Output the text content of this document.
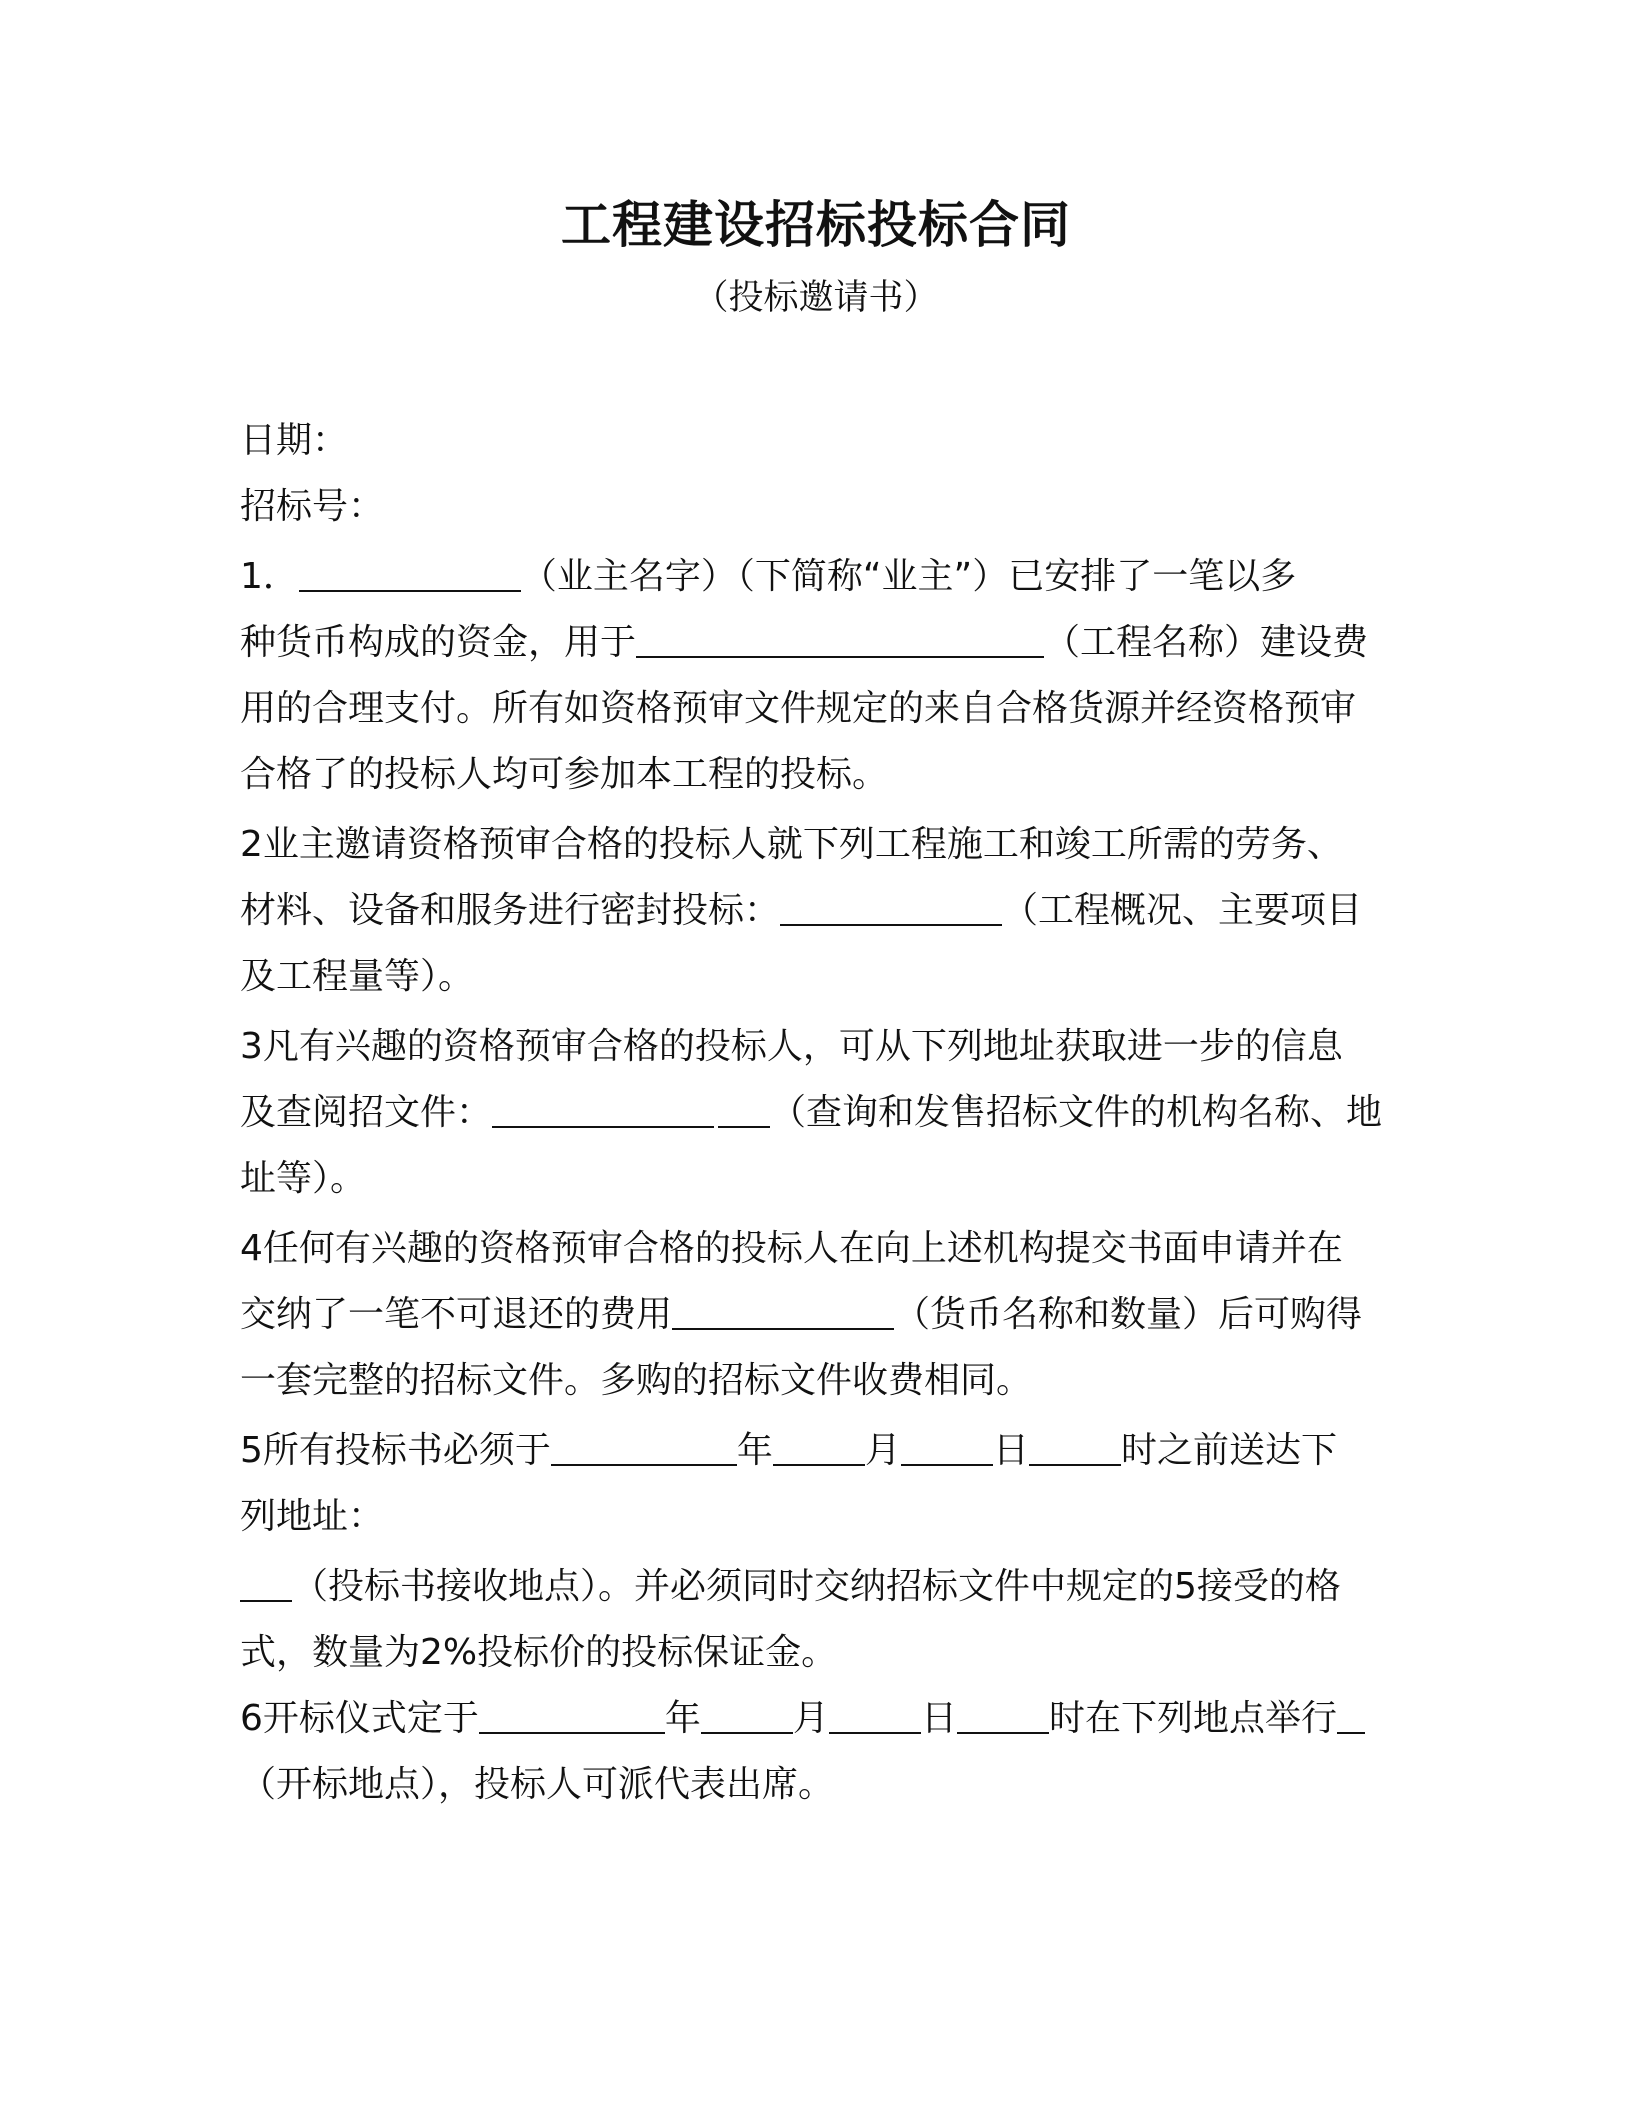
工程建设招标投标合同
（投标邀请书）
日期：
招标号：
1．	（业主名字）（下简称“业主”）已安排了一笔以多
种货币构成的资金，用于	（工程名称）建设费
用的合理支付。所有如资格预审文件规定的来自合格货源并经资格预审
合格了的投标人均可参加本工程的投标。
2业主邀请资格预审合格的投标人就下列工程施工和竣工所需的劳务、
材料、设备和服务进行密封投标：	（工程概况、主要项目
及工程量等）。
3凡有兴趣的资格预审合格的投标人，可从下列地址获取进一步的信息
及查阅招文件：	（查询和发售招标文件的机构名称、地
址等）。
4任何有兴趣的资格预审合格的投标人在向上述机构提交书面申请并在
交纳了一笔不可退还的费用	（货币名称和数量）后可购得
一套完整的招标文件。多购的招标文件收费相同。
5所有投标书必须于	年	月	日	时之前送达下
列地址：
（投标书接收地点）。并必须同时交纳招标文件中规定的5接受的格
式，数量为2%投标价的投标保证金。
6开标仪式定于	年	月	日	时在下列地点举行
（开标地点），投标人可派代表出席。
